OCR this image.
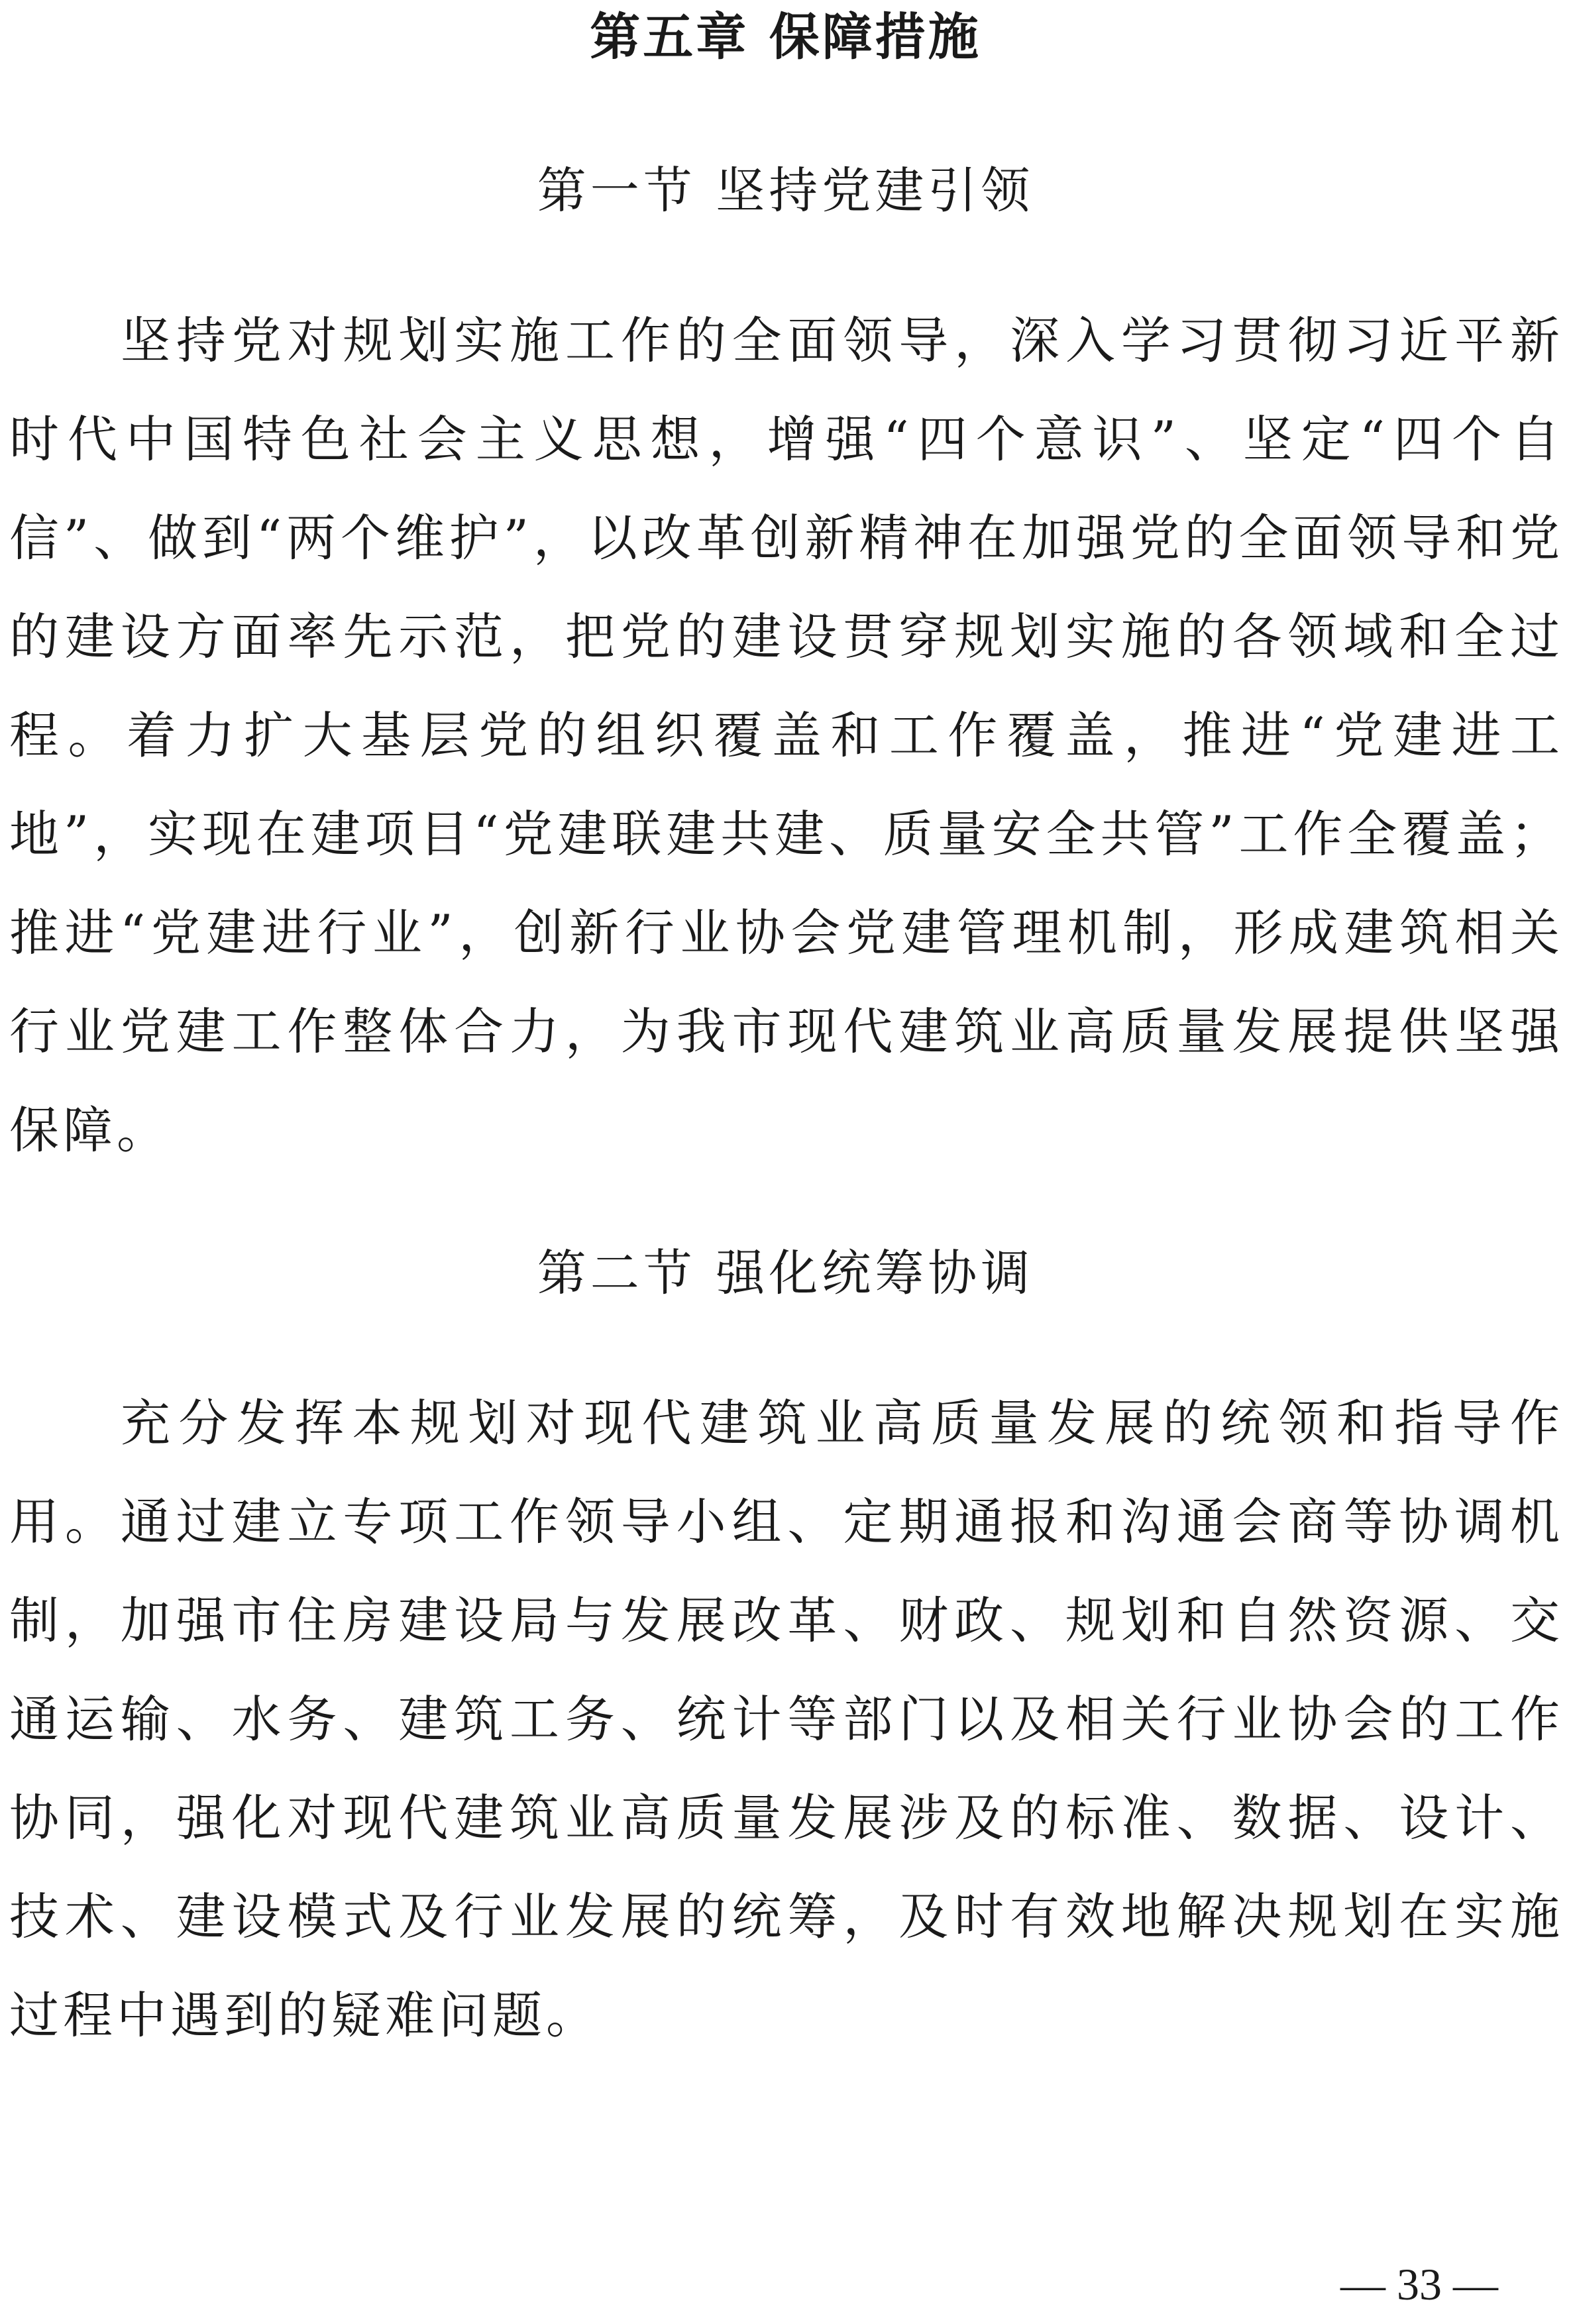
第五章 保障措施
第一节 坚持党建引领

坚持党对规划实施工作的全面领导，深入学习贯彻习近平新时代中国特色社会主义思想，增强“四个意识”、坚定“四个自信”、做到“两个维护”，以改革创新精神在加强党的全面领导和党的建设方面率先示范，把党的建设贯穿规划实施的各领域和全过程。着力扩大基层党的组织覆盖和工作覆盖，推进“党建进工地”，实现在建项目“党建联建共建、质量安全共管”工作全覆盖；推进“党建进行业”，创新行业协会党建管理机制，形成建筑相关行业党建工作整体合力，为我市现代建筑业高质量发展提供坚强保障。

第二节 强化统筹协调

充分发挥本规划对现代建筑业高质量发展的统领和指导作用。通过建立专项工作领导小组、定期通报和沟通会商等协调机制，加强市住房建设局与发展改革、财政、规划和自然资源、交通运输、水务、建筑工务、统计等部门以及相关行业协会的工作协同，强化对现代建筑业高质量发展涉及的标准、数据、设计、技术、建设模式及行业发展的统筹，及时有效地解决规划在实施过程中遇到的疑难问题。

— 33 —
